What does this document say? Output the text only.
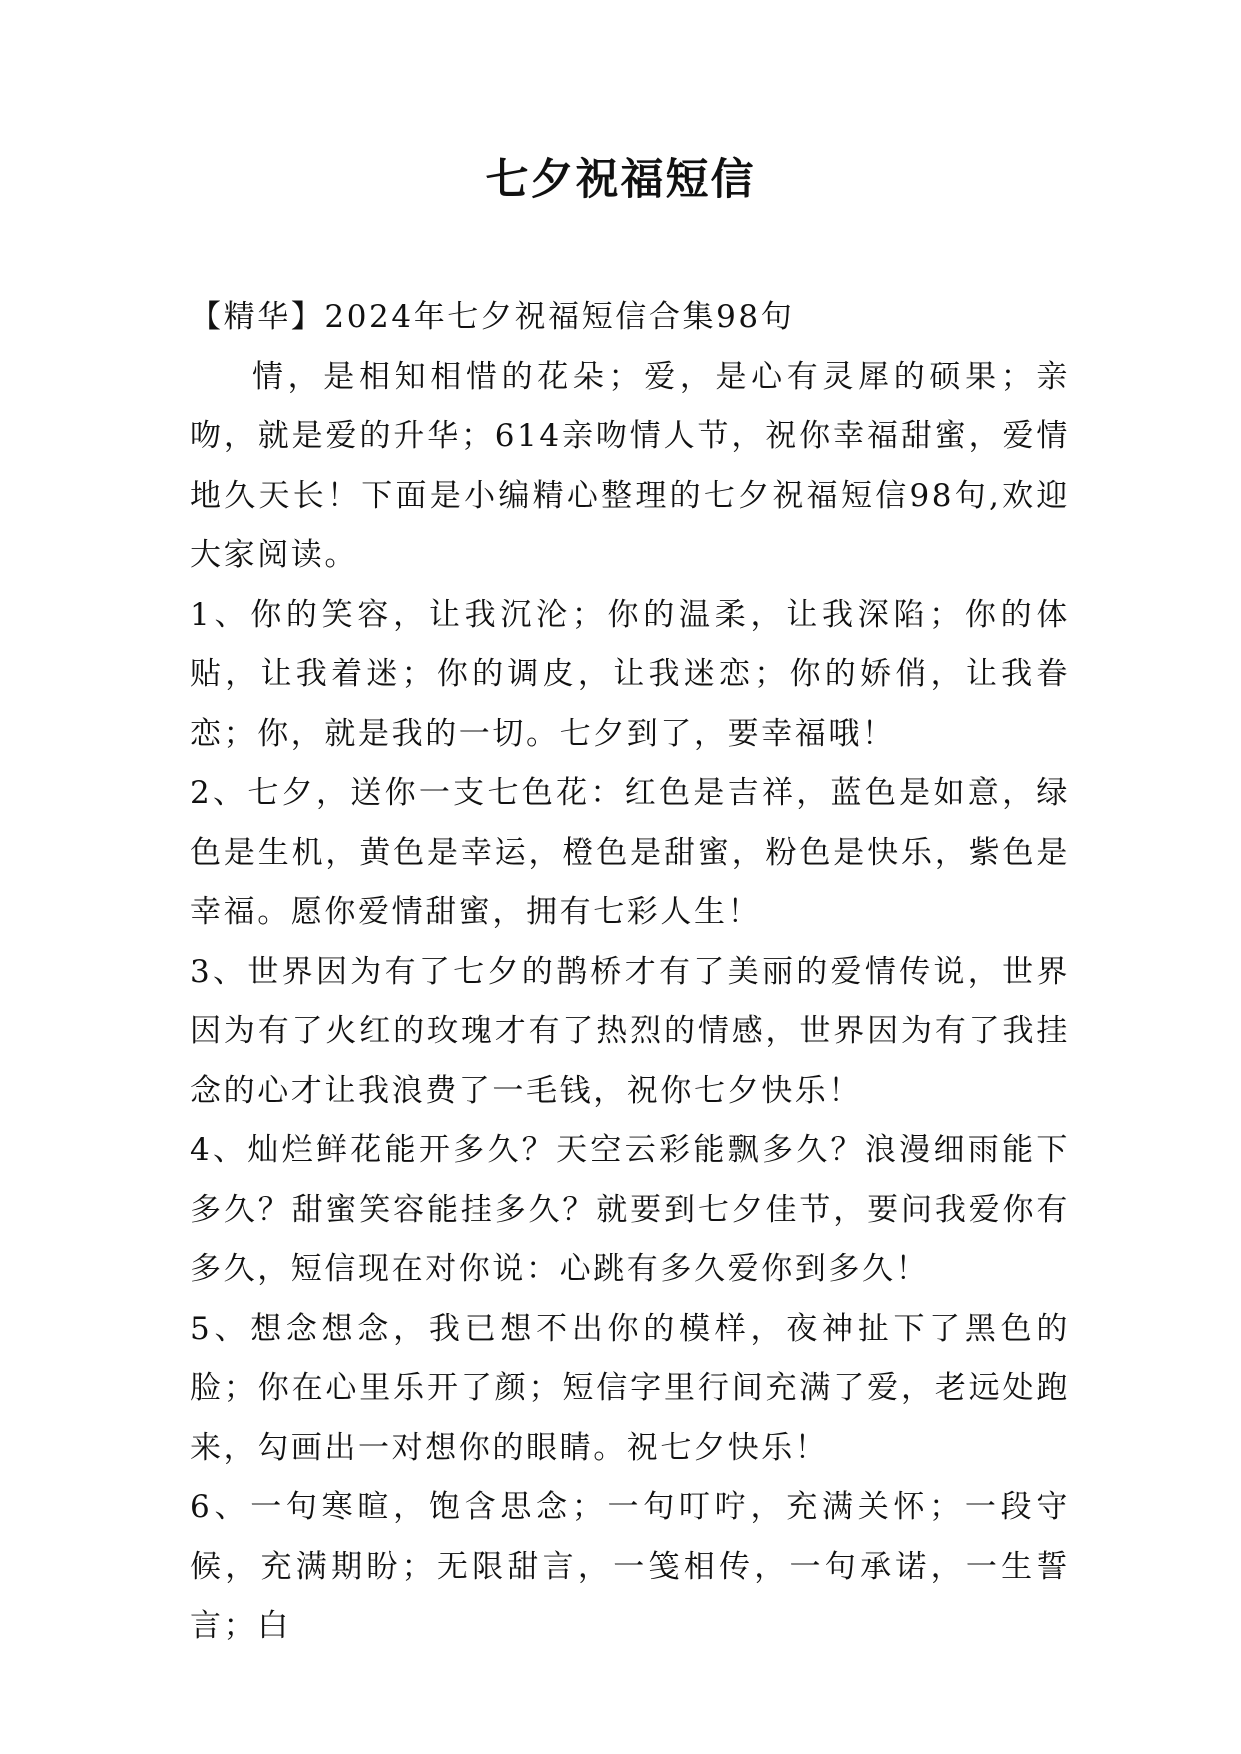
七夕祝福短信

【精华】2024年七夕祝福短信合集98句

情，是相知相惜的花朵；爱，是心有灵犀的硕果；亲吻，就是爱的升华；614亲吻情人节，祝你幸福甜蜜，爱情地久天长！下面是小编精心整理的七夕祝福短信98句,欢迎大家阅读。

1、你的笑容，让我沉沦；你的温柔，让我深陷；你的体贴，让我着迷；你的调皮，让我迷恋；你的娇俏，让我眷恋；你，就是我的一切。七夕到了，要幸福哦！

2、七夕，送你一支七色花：红色是吉祥，蓝色是如意，绿色是生机，黄色是幸运，橙色是甜蜜，粉色是快乐，紫色是幸福。愿你爱情甜蜜，拥有七彩人生！

3、世界因为有了七夕的鹊桥才有了美丽的爱情传说，世界因为有了火红的玫瑰才有了热烈的情感，世界因为有了我挂念的心才让我浪费了一毛钱，祝你七夕快乐！

4、灿烂鲜花能开多久？天空云彩能飘多久？浪漫细雨能下多久？甜蜜笑容能挂多久？就要到七夕佳节，要问我爱你有多久，短信现在对你说：心跳有多久爱你到多久！

5、想念想念，我已想不出你的模样，夜神扯下了黑色的脸；你在心里乐开了颜；短信字里行间充满了爱，老远处跑来，勾画出一对想你的眼睛。祝七夕快乐！

6、一句寒暄，饱含思念；一句叮咛，充满关怀；一段守候，充满期盼；无限甜言，一笺相传，一句承诺，一生誓言；白
